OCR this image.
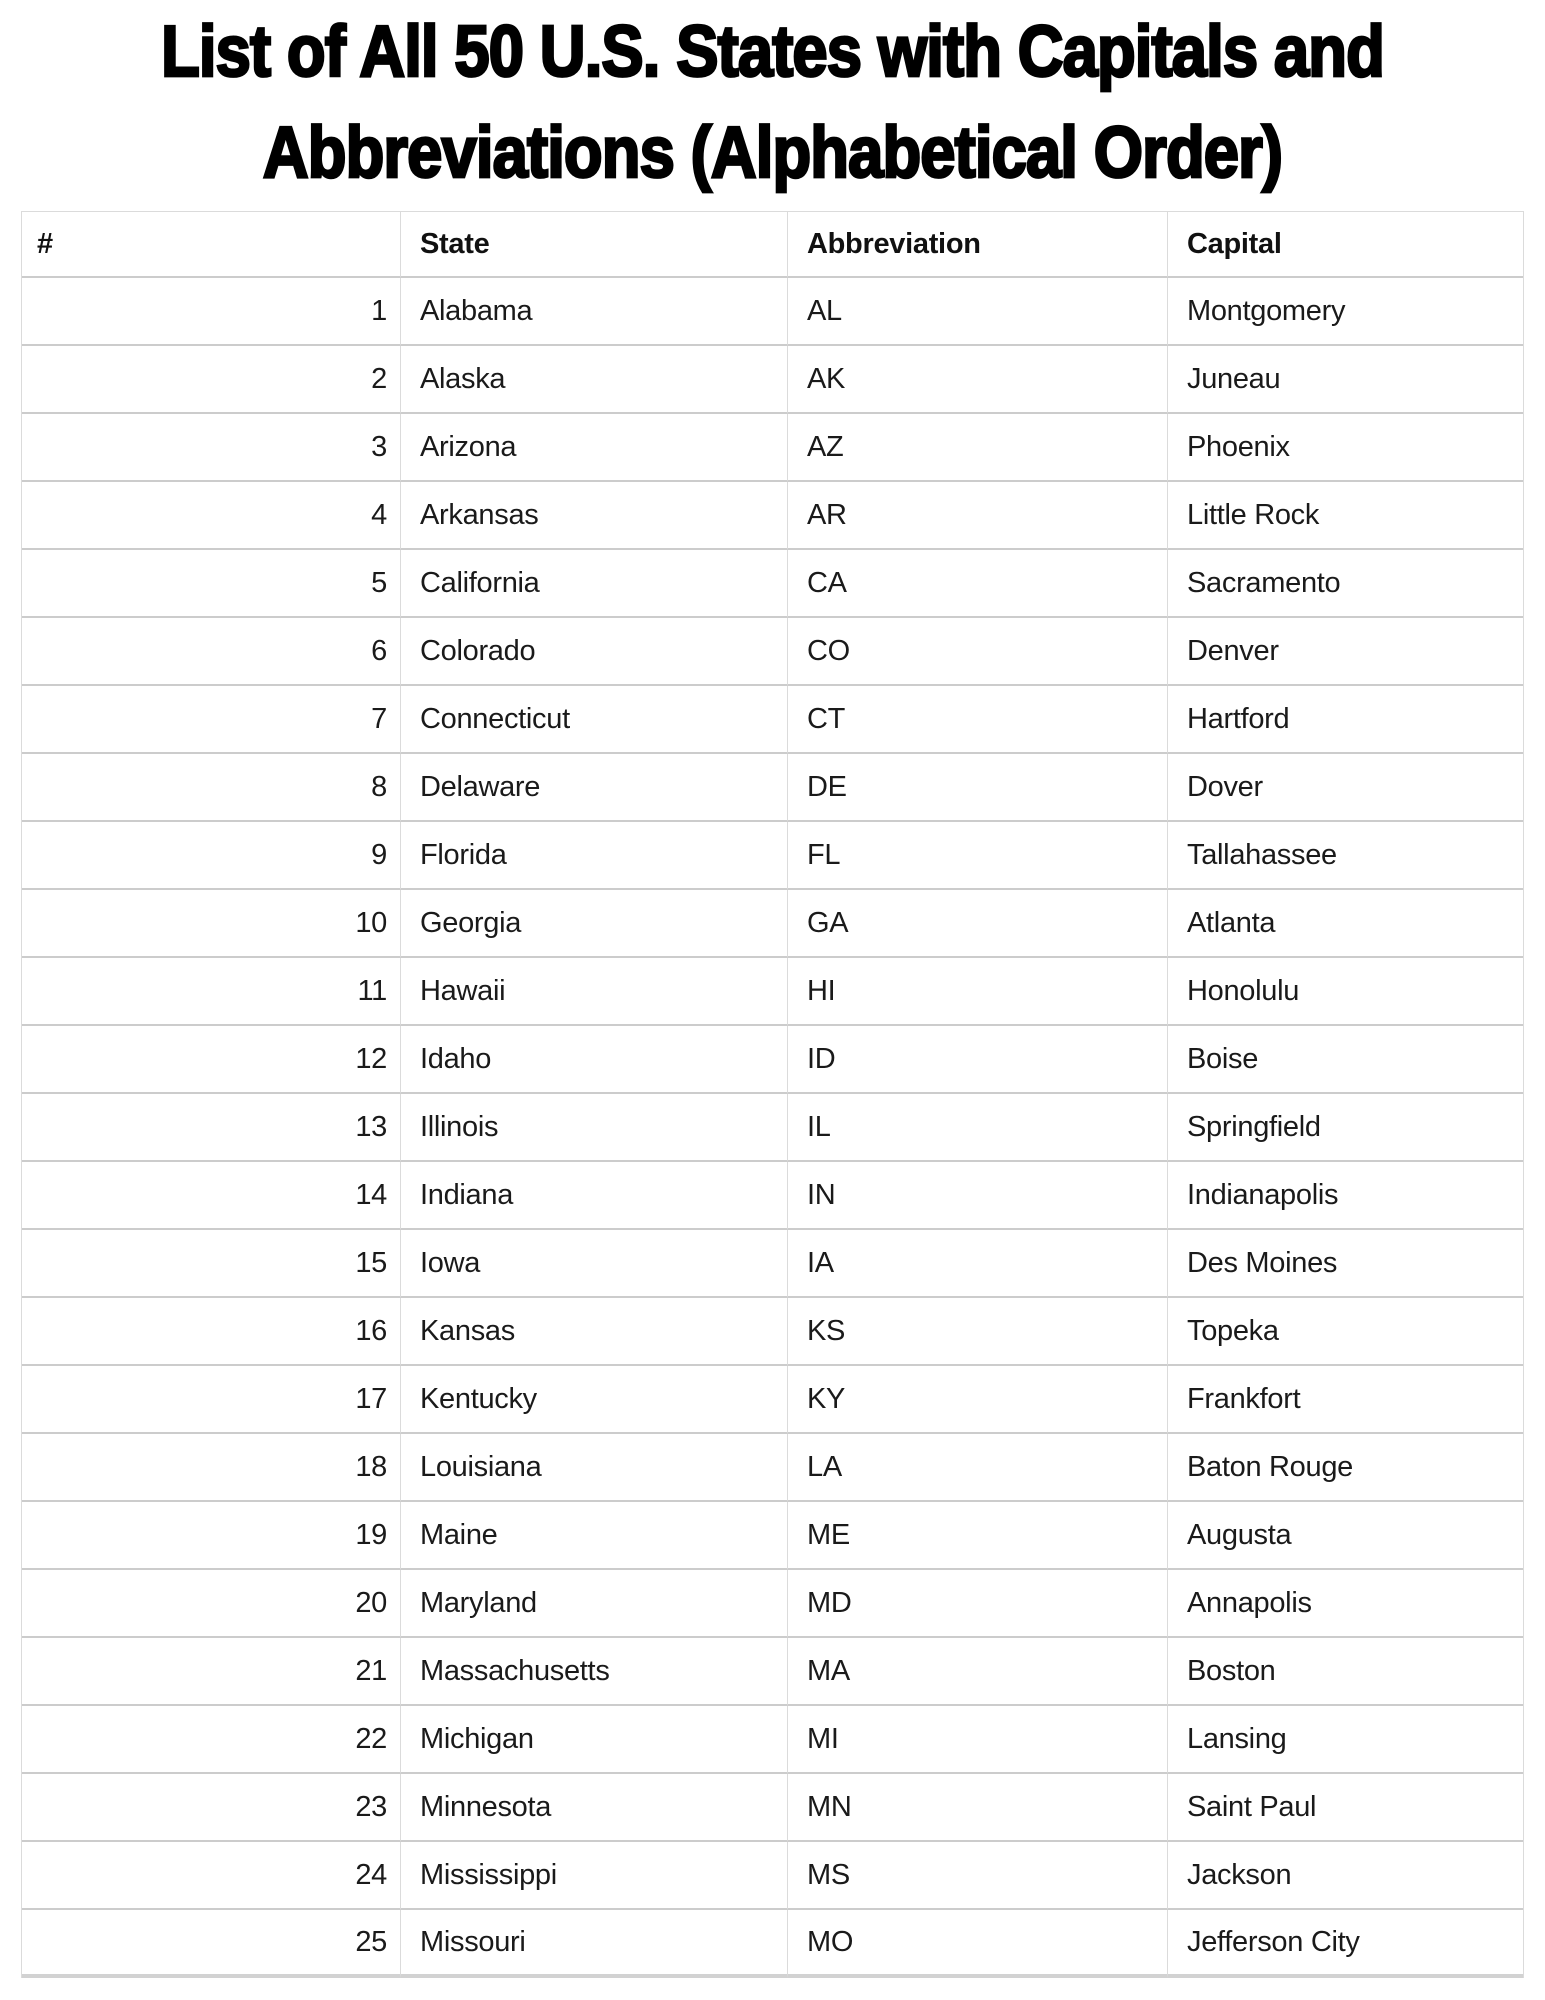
List of All 50 U.S. States with Capitals and
Abbreviations (Alphabetical Order)
#	State	Abbreviation	Capital
1	Alabama	AL	Montgomery
2	Alaska	AK	Juneau
3	Arizona	AZ	Phoenix
4	Arkansas	AR	Little Rock
5	California	CA	Sacramento
6	Colorado	CO	Denver
7	Connecticut	CT	Hartford
8	Delaware	DE	Dover
9	Florida	FL	Tallahassee
10	Georgia	GA	Atlanta
11	Hawaii	HI	Honolulu
12	Idaho	ID	Boise
13	Illinois	IL	Springfield
14	Indiana	IN	Indianapolis
15	Iowa	IA	Des Moines
16	Kansas	KS	Topeka
17	Kentucky	KY	Frankfort
18	Louisiana	LA	Baton Rouge
19	Maine	ME	Augusta
20	Maryland	MD	Annapolis
21	Massachusetts	MA	Boston
22	Michigan	MI	Lansing
23	Minnesota	MN	Saint Paul
24	Mississippi	MS	Jackson
25	Missouri	MO	Jefferson City
